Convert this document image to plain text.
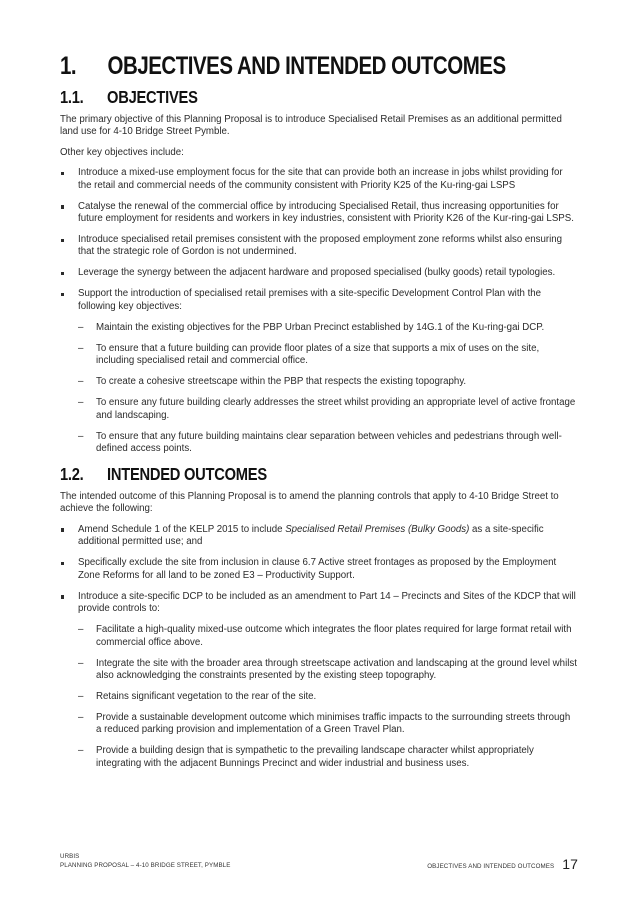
1. OBJECTIVES AND INTENDED OUTCOMES
1.1. OBJECTIVES

The primary objective of this Planning Proposal is to introduce Specialised Retail Premises as an additional permitted land use for 4-10 Bridge Street Pymble.

Other key objectives include:

Introduce a mixed-use employment focus for the site that can provide both an increase in jobs whilst providing for the retail and commercial needs of the community consistent with Priority K25 of the Ku-ring-gai LSPS
Catalyse the renewal of the commercial office by introducing Specialised Retail, thus increasing opportunities for future employment for residents and workers in key industries, consistent with Priority K26 of the Kur-ring-gai LSPS.
Introduce specialised retail premises consistent with the proposed employment zone reforms whilst also ensuring that the strategic role of Gordon is not undermined.
Leverage the synergy between the adjacent hardware and proposed specialised (bulky goods) retail typologies.
Support the introduction of specialised retail premises with a site-specific Development Control Plan with the following key objectives:
– Maintain the existing objectives for the PBP Urban Precinct established by 14G.1 of the Ku-ring-gai DCP.
– To ensure that a future building can provide floor plates of a size that supports a mix of uses on the site, including specialised retail and commercial office.
– To create a cohesive streetscape within the PBP that respects the existing topography.
– To ensure any future building clearly addresses the street whilst providing an appropriate level of active frontage and landscaping.
– To ensure that any future building maintains clear separation between vehicles and pedestrians through well-defined access points.
1.2. INTENDED OUTCOMES

The intended outcome of this Planning Proposal is to amend the planning controls that apply to 4-10 Bridge Street to achieve the following:

Amend Schedule 1 of the KELP 2015 to include Specialised Retail Premises (Bulky Goods) as a site-specific additional permitted use; and
Specifically exclude the site from inclusion in clause 6.7 Active street frontages as proposed by the Employment Zone Reforms for all land to be zoned E3 – Productivity Support.
Introduce a site-specific DCP to be included as an amendment to Part 14 – Precincts and Sites of the KDCP that will provide controls to:
– Facilitate a high-quality mixed-use outcome which integrates the floor plates required for large format retail with commercial office above.
– Integrate the site with the broader area through streetscape activation and landscaping at the ground level whilst also acknowledging the constraints presented by the existing steep topography.
– Retains significant vegetation to the rear of the site.
– Provide a sustainable development outcome which minimises traffic impacts to the surrounding streets through a reduced parking provision and implementation of a Green Travel Plan.
– Provide a building design that is sympathetic to the prevailing landscape character whilst appropriately integrating with the adjacent Bunnings Precinct and wider industrial and business uses.
URBIS
PLANNING PROPOSAL – 4-10 BRIDGE STREET, PYMBLE	OBJECTIVES AND INTENDED OUTCOMES 17
